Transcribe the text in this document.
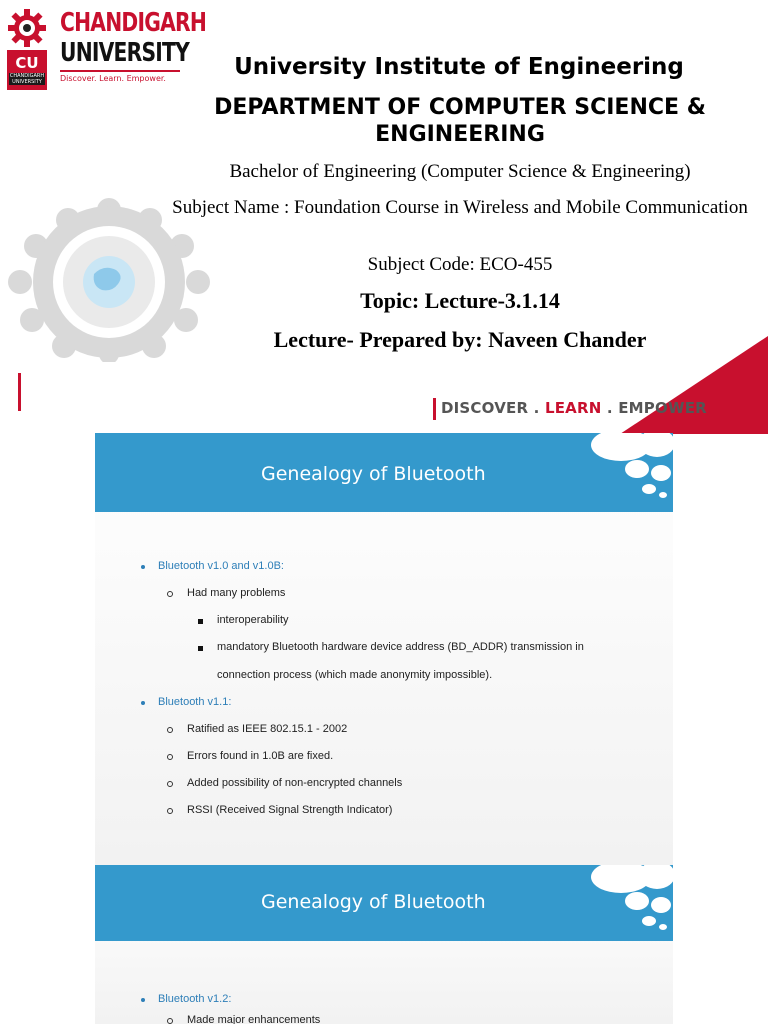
CU
CHANDIGARH UNIVERSITY
CHANDIGARH
UNIVERSITY
Discover. Learn. Empower.	University Institute of Engineering
DEPARTMENT OF COMPUTER SCIENCE & ENGINEERING
Bachelor of Engineering (Computer Science & Engineering)
Subject Name : Foundation Course in Wireless and Mobile Communication
Subject Code: ECO-455
Topic: Lecture-3.1.14
Lecture- Prepared by: Naveen Chander
DISCOVER . LEARN . EMPOWER
Genealogy of Bluetooth
Bluetooth v1.0 and v1.0B:
Had many problems
interoperability
mandatory Bluetooth hardware device address (BD_ADDR) transmission in
connection process (which made anonymity impossible).
Bluetooth v1.1:
Ratified as IEEE 802.15.1 - 2002
Errors found in 1.0B are fixed.
Added possibility of non-encrypted channels
RSSI (Received Signal Strength Indicator)
Genealogy of Bluetooth
Bluetooth v1.2:
Made major enhancements
